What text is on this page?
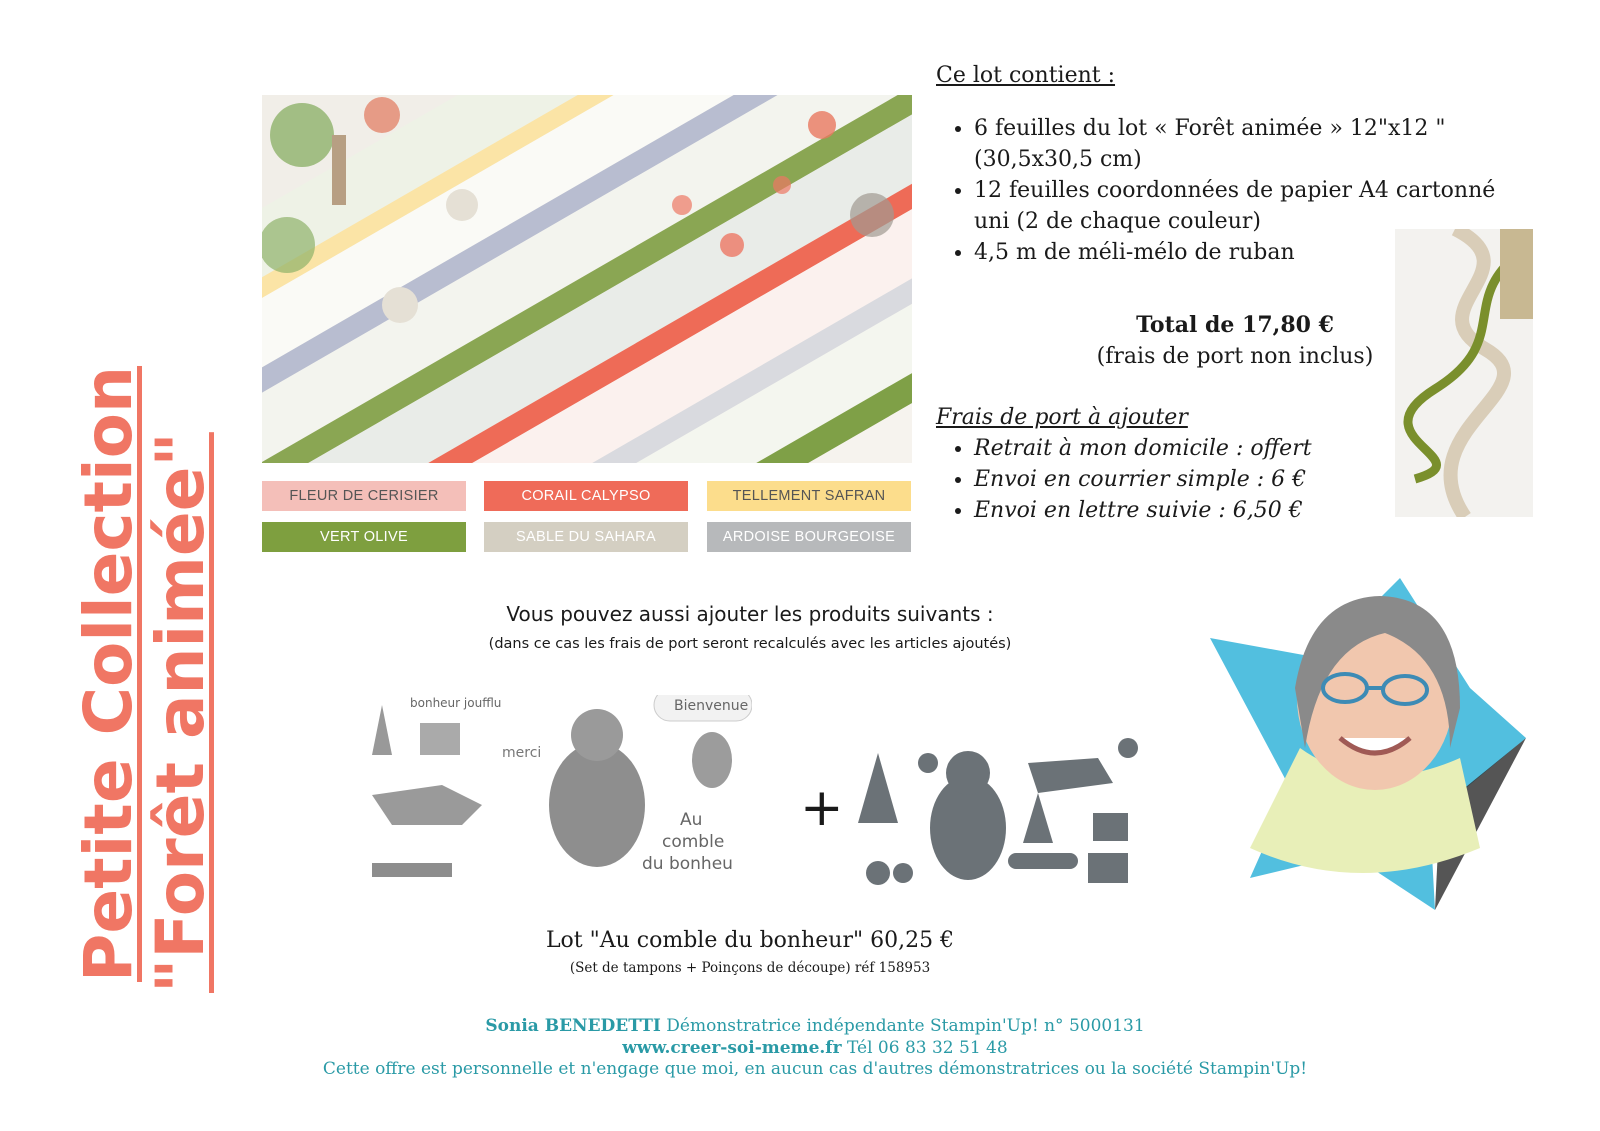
Petite Collection
"Forêt animée"	FLEUR DE CERISIER	CORAIL CALYPSO	TELLEMENT SAFRAN
VERT OLIVE	SABLE DU SAHARA	ARDOISE BOURGEOISE
Ce lot contient :
• 6 feuilles du lot « Forêt animée » 12"x12 " (30,5x30,5 cm)
• 12 feuilles coordonnées de papier A4 cartonné uni (2 de chaque couleur)
• 4,5 m de méli-mélo de ruban
Total de 17,80 €
(frais de port non inclus)
Frais de port à ajouter
• Retrait à mon domicile : offert
• Envoi en courrier simple : 6 €
• Envoi en lettre suivie : 6,50 €
Vous pouvez aussi ajouter les produits suivants :
(dans ce cas les frais de port seront recalculés avec les articles ajoutés)
bonheur joufflu	Bienvenue
merci
Au
comble
du bonheu
+
Lot "Au comble du bonheur" 60,25 €
(Set de tampons + Poinçons de découpe) réf 158953
Sonia BENEDETTI Démonstratrice indépendante Stampin'Up! n° 5000131
www.creer-soi-meme.fr Tél 06 83 32 51 48
Cette offre est personnelle et n'engage que moi, en aucun cas d'autres démonstratrices ou la société Stampin'Up!
